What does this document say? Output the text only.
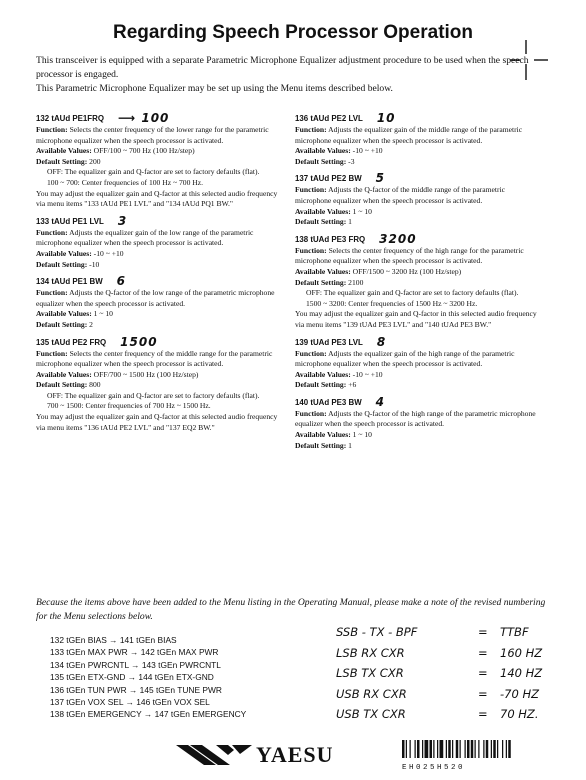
Regarding Speech Processor Operation

This transceiver is equipped with a separate Parametric Microphone Equalizer adjustment procedure to be used when the speech processor is engaged.

This Parametric Microphone Equalizer may be set up using the Menu items described below.

132 tAUd PE1FRQ ⟶ 100

Function: Selects the center frequency of the lower range for the parametric microphone equalizer when the speech processor is activated.

Available Values: OFF/100 ~ 700 Hz (100 Hz/step)

Default Setting: 200

OFF: The equalizer gain and Q-factor are set to factory defaults (flat).

100 ~ 700: Center frequencies of 100 Hz ~ 700 Hz.

You may adjust the equalizer gain and Q-factor at this selected audio frequency via menu items "133 tAUd PE1 LVL" and "134 tAUd PQ1 BW."

133 tAUd PE1 LVL 3

Function: Adjusts the equalizer gain of the low range of the parametric microphone equalizer when the speech processor is activated.

Available Values: -10 ~ +10

Default Setting: -10

134 tAUd PE1 BW 6

Function: Adjusts the Q-factor of the low range of the parametric microphone equalizer when the speech processor is activated.

Available Values: 1 ~ 10

Default Setting: 2

135 tAUd PE2 FRQ 1500

Function: Selects the center frequency of the middle range for the parametric microphone equalizer when the speech processor is activated.

Available Values: OFF/700 ~ 1500 Hz (100 Hz/step)

Default Setting: 800

OFF: The equalizer gain and Q-factor are set to factory defaults (flat).

700 ~ 1500: Center frequencies of 700 Hz ~ 1500 Hz.

You may adjust the equalizer gain and Q-factor at this selected audio frequency via menu items "136 tAUd PE2 LVL" and "137 EQ2 BW."

136 tAUd PE2 LVL 10

Function: Adjusts the equalizer gain of the middle range of the parametric microphone equalizer when the speech processor is activated.

Available Values: -10 ~ +10

Default Setting: -3

137 tAUd PE2 BW 5

Function: Adjusts the Q-factor of the middle range of the parametric microphone equalizer when the speech processor is activated.

Available Values: 1 ~ 10

Default Setting: 1

138 tUAd PE3 FRQ 3200

Function: Selects the center frequency of the high range for the parametric microphone equalizer when the speech processor is activated.

Available Values: OFF/1500 ~ 3200 Hz (100 Hz/step)

Default Setting: 2100

OFF: The equalizer gain and Q-factor are set to factory defaults (flat).

1500 ~ 3200: Center frequencies of 1500 Hz ~ 3200 Hz.

You may adjust the equalizer gain and Q-factor in this selected audio frequency via menu items "139 tUAd PE3 LVL" and "140 tUAd PE3 BW."

139 tUAd PE3 LVL 8

Function: Adjusts the equalizer gain of the high range of the parametric microphone equalizer when the speech processor is activated.

Available Values: -10 ~ +10

Default Setting: +6

140 tUAd PE3 BW 4

Function: Adjusts the Q-factor of the high range of the parametric microphone equalizer when the speech processor is activated.

Available Values: 1 ~ 10

Default Setting: 1

Because the items above have been added to the Menu listing in the Operating Manual, please make a note of the revised numbering for the Menu selections below.

132 tGEn BIAS → 141 tGEn BIAS
133 tGEn MAX PWR → 142 tGEn MAX PWR
134 tGEn PWRCNTL → 143 tGEn PWRCNTL
135 tGEn ETX-GND → 144 tGEn ETX-GND
136 tGEn TUN PWR → 145 tGEn TUNE PWR
137 tGEn VOX SEL → 146 tGEn VOX SEL
138 tGEn EMERGENCY → 147 tGEn EMERGENCY
SSB - TX - BPF	=	TTBF
LSB RX CXR	=	160 HZ
LSB TX CXR	=	140 HZ
USB RX CXR	=	-70 HZ
USB TX CXR	=	70 HZ.
YAESU
EH025H520
